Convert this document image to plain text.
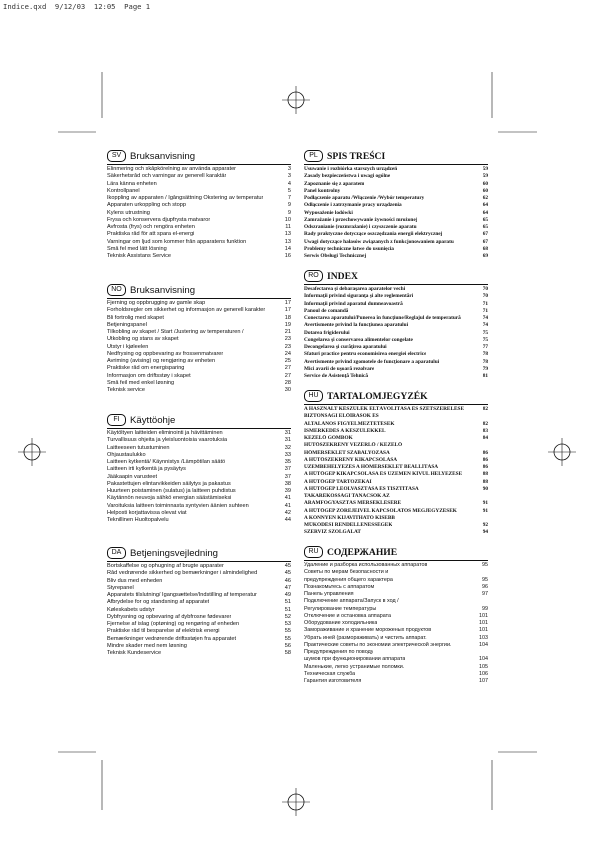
Indice.qxd  9/12/03  12:05  Page 1
SV Bruksanvisning
Elinmering och skåpkörelning av använda apparater	3
Säkerhetsråd och varningar av generell karaktär	3
Lära känna enheten	4
Kontrollpanel	5
Ikoppling av apparaten / Igångsättning Ökstering av temperatur	7
Apparaten urkoppling och stopp	9
Kylens utrustning	9
Frysa och konservera djupfrysta matvaror	10
Avfrosta (frys) och rengöra enheten	11
Praktiska råd för att spara el-energi	13
Varningar om ljud som kommer från apparatens funktion	13
Små fel med lätt lösning	14
Teknisk Assistans Service	16
NO Bruksanvisning
Fjerning og oppbrugging av gamle skap	17
Forholdsregler om sikkerhet og informasjon av generell karakter	17
Bli fortrolig med skapet	18
Betjeningspanel	19
Tilkobling av skapet / Start /Justering av temperaturen /	21
Utkobling og stans av skapet	23
Utstyr i kjøleelen	23
Nedfrysing og oppbevaring av frossenmatvarer	24
Avriming (avising) og rengjøring av enheten	25
Praktiske råd om energisparing	27
Informasjon om driftsstøy i skapet	27
Små feil med enkel løsning	28
Teknisk service	30
FI	Käyttöohje
Käytöltyen laitteiden eliminointi ja hävittäminen	31
Turvallisuus ohjeita ja yleisluontoisia vaarotuksia	31
Laitteeseen tutustuminen	32
Ohjaustaulukko	33
Laitteen kytkentä/ Käynnistys /Lämpötilan säätö	35
Laitteen irti kytkentä ja pysäytys	37
Jääkaapin varusteet	37
Pakastettujen elintarvikkeiden säilytys ja pakastus	38
Huurteen poistaminen (sulatus) ja laitteen puhdistus	39
Käytännön neuvoja sähkö energian säästämiseksi	41
Varoituksia laitteen toiminnasta syntyvien äänien suhteen	41
Helposti korjattavissa olevat viat	42
Teknillinen Huoltopalvelu	44
DA Betjeningsvejledning
Bortskaffelse og ophugning af brugte apparater	45
Råd vedrørende sikkerhed og bemærkninger i almindelighed	45
Bliv dus med enheden	46
Styrepanel	47
Apparatets tilslutning/ Igangsættelse/Indstilling af temperatur	49
Afbrydelse for og standsning af apparatet	51
Køleskabets udstyr	51
Dybfrysning og opbevaring af dybfrosne fødevarer	52
Fjernelse af islag (optøning) og rengøring af enheden	53
Praktiske råd til besparelse af elektrisk energi	55
Bemærkninger vedrørende driftsstøjen fra apparatet	55
Mindre skader med nem løsning	56
Teknisk Kundeservice	58
PL SPIS TREŚCI
Usuwanie i rozbiórka starszych urządzeń	59
Zasady bezpieczeństwa i uwagi ogólne	59
Zapoznanie się z aparatem	60
Panel kontrolny	60
Podłączenie aparatu /Włączenie /Wybór temperatury	62
Odłączenie i zatrzymanie pracy urządzenia	64
Wyposażenie lodówki	64
Zamrażanie i przechowywanie żywności mrożonej	65
Odszranianie (rozmrażanie) i czyszczenie aparatu	65
Rady praktyczne dotyczące oszczędzania energii elektrycznej	67
Uwagi dotyczące hałasów związanych z funkcjonowaniem aparatu	67
Problemy techniczne łatwe do usunięcia	68
Serwis Obsługi Technicznej	69
RO INDEX
Desafectarea şi debaraşarea aparatelor vechi	70
Informaţii privind siguranţa şi alte reglementări	70
Informaţii privind aparatul dumneavoastră	71
Panoul de comandă	71
Conectarea aparatului/Punerea în funcţiune/Reglajul de temperatură	74
Avertismente privind la funcţiunea aparatului	74
Dotarea frigiderului	75
Congelarea şi conservarea alimentelor congelate	75
Decongelarea şi curăţirea aparatului	77
Sfaturi practice pentru economisirea energiei electrice	78
Avertismente privind zgomotele de funcţionare a aparatului	78
Mici avarii de uşoară rezolvare	79
Service de Asistenţă Tehnică	81
HU TARTALOMJEGYZÉK
A HASZNÁLT KÉSZÜLÉK ELTÁVOLÍTÁSA ÉS SZÉTSZERELÉSE	82
BIZTONSÁGI ELŐÍRÁSOK ÉS
ÁLTALÁNOS FIGYELMEZTETÉSEK	82
ISMERKEDÉS A KÉSZÜLÉKKEL	83
KEZELŐ GOMBOK	84
HŰTŐSZEKRÉNY VEZÉRLŐ / KEZELŐ
HŐMÉRSÉKLET SZABÁLYOZÁSA	86
A HŰTŐSZEKRÉNY KIKAPCSOLÁSA	86
ÜZEMBEHELYEZÉS A HŐMÉRSÉKLET BEÁLLÍTÁSA	86
A HŰTŐGÉP KIKAPCSOLÁSA ÉS ÜZEMEN KÍVÜL HELYEZÉSE	88
A HŰTŐGÉP TARTOZÉKAI	88
A HŰTŐGÉP LEOLVASZTÁSA ÉS TISZTÍTÁSA	90
TAKARÉKOSSÁGI TANÁCSOK AZ
ÁRAMFOGYASZTÁS MÉRSÉKLÉSÉRE	91
A HŰTŐGÉP ZÖREJEIVEL KAPCSOLATOS MEGJEGYZÉSEK	91
A KÖNNYEN KIJAVÍTHATÓ KISEBB
MŰKÖDÉSI RENDELLENESSÉGEK	92
SZERVIZ SZOLGÁLAT	94
RU СОДЕРЖАНИЕ
Удаление и разборка использованных аппаратов	95
Советы по мерам безопасности и
предупреждения общего характера	95
Познакомьтесь с аппаратом	96
Панель управления	97
Подключение аппарата/Запуск в ход /
Регулирование температуры	99
Отключение и остановка аппарата	101
Оборудование холодильника	101
Замораживание и хранение мороженых продуктов	101
Убрать иней (размораживать) и чистить аппарат.	103
Практические советы по экономии электрической энергии.	104
Предупреждения по поводу
шумов при функционировании аппарата	104
Маленькие, легко устранимые поломки.	105
Техническая служба	106
Гарантия изготовителя	107
